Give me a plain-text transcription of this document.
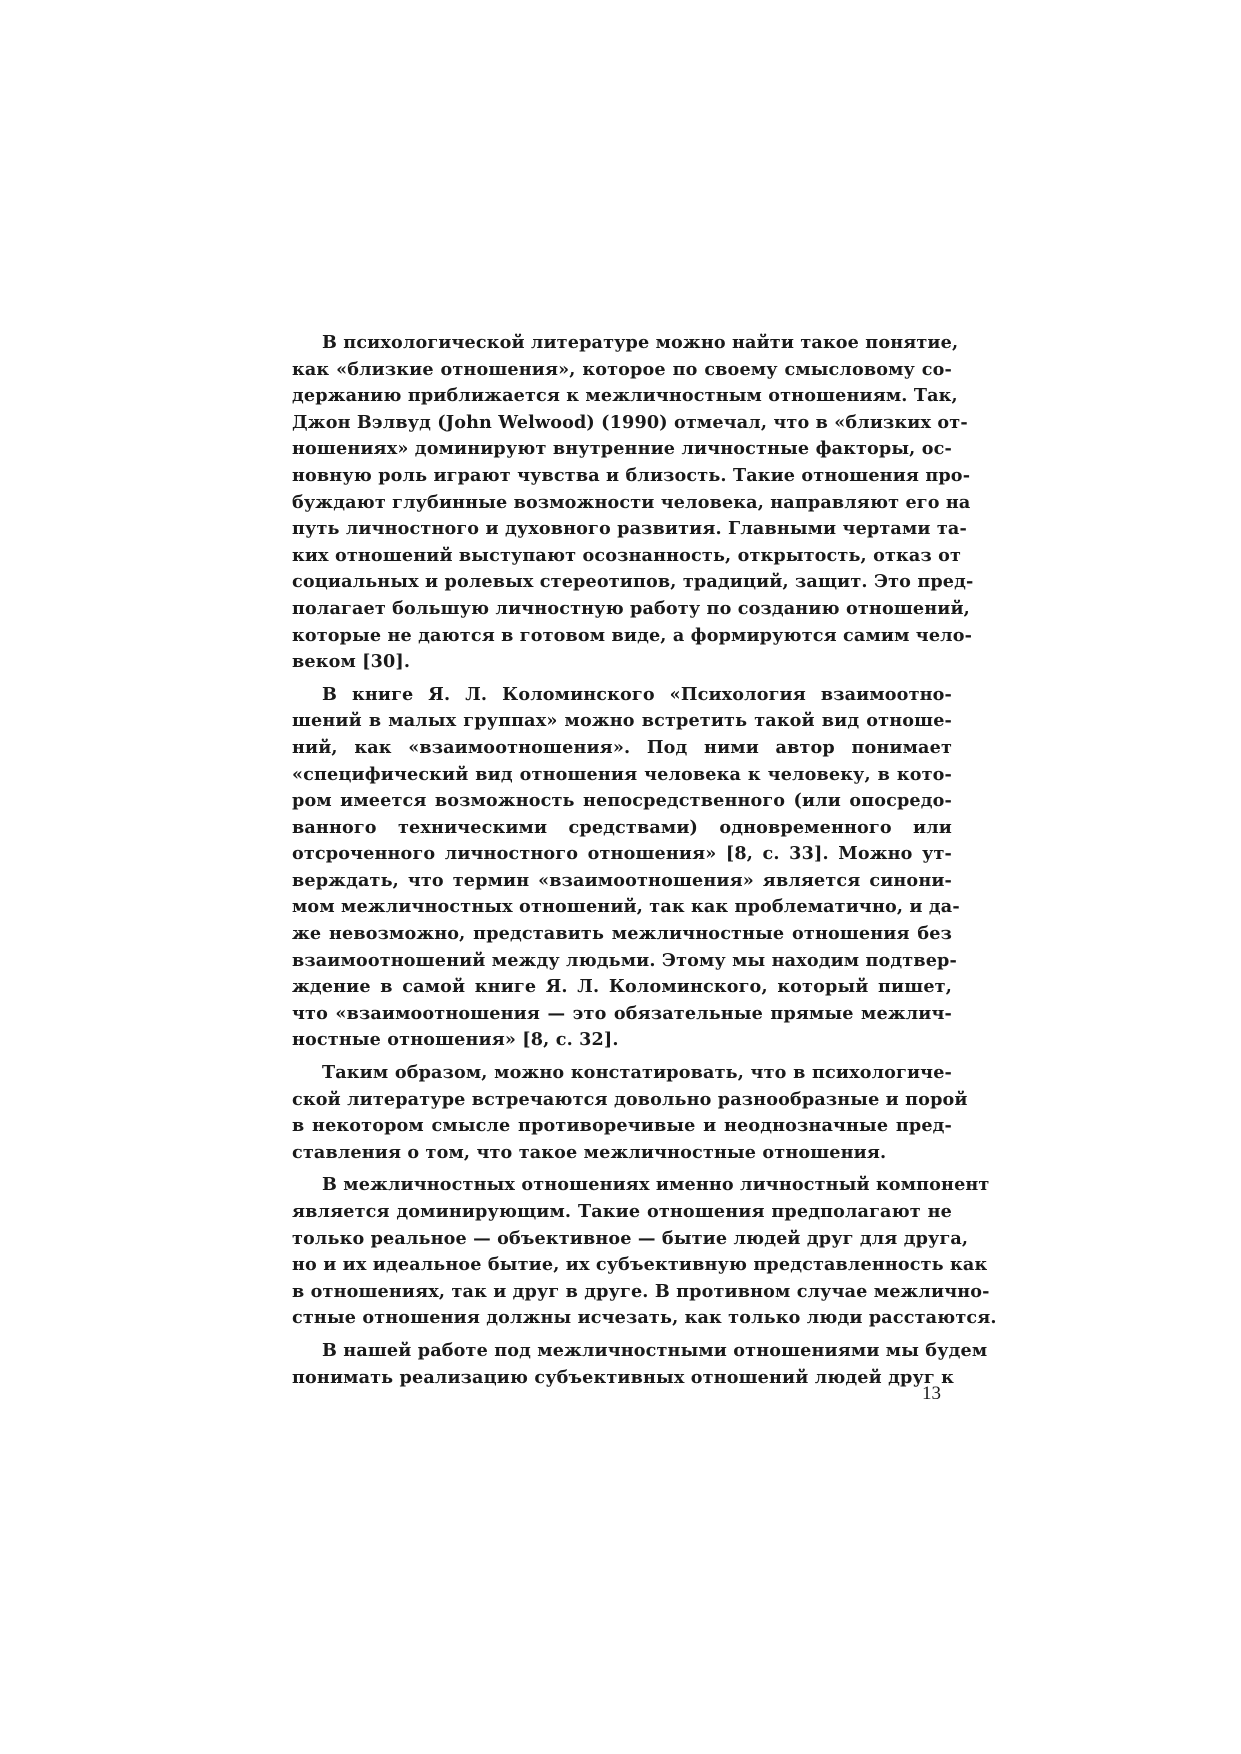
В психологической литературе можно найти такое понятие,
как «близкие отношения», которое по своему смысловому со-
держанию приближается к межличностным отношениям. Так,
Джон Вэлвуд (John Welwood) (1990) отмечал, что в «близких от-
ношениях» доминируют внутренние личностные факторы, ос-
новную роль играют чувства и близость. Такие отношения про-
буждают глубинные возможности человека, направляют его на
путь личностного и духовного развития. Главными чертами та-
ких отношений выступают осознанность, открытость, отказ от
социальных и ролевых стереотипов, традиций, защит. Это пред-
полагает большую личностную работу по созданию отношений,
которые не даются в готовом виде, а формируются самим чело-
веком [30].
В книге Я. Л. Коломинского «Психология взаимоотно-
шений в малых группах» можно встретить такой вид отноше-
ний, как «взаимоотношения». Под ними автор понимает
«специфический вид отношения человека к человеку, в кото-
ром имеется возможность непосредственного (или опосредо-
ванного техническими средствами) одновременного или
отсроченного личностного отношения» [8, с. 33]. Можно ут-
верждать, что термин «взаимоотношения» является синони-
мом межличностных отношений, так как проблематично, и да-
же невозможно, представить межличностные отношения без
взаимоотношений между людьми. Этому мы находим подтвер-
ждение в самой книге Я. Л. Коломинского, который пишет,
что «взаимоотношения — это обязательные прямые межлич-
ностные отношения» [8, с. 32].
Таким образом, можно констатировать, что в психологиче-
ской литературе встречаются довольно разнообразные и порой
в некотором смысле противоречивые и неоднозначные пред-
ставления о том, что такое межличностные отношения.
В межличностных отношениях именно личностный компонент
является доминирующим. Такие отношения предполагают не
только реальное — объективное — бытие людей друг для друга,
но и их идеальное бытие, их субъективную представленность как
в отношениях, так и друг в друге. В противном случае межлично-
стные отношения должны исчезать, как только люди расстаются.
В нашей работе под межличностными отношениями мы будем
понимать реализацию субъективных отношений людей друг к
13
